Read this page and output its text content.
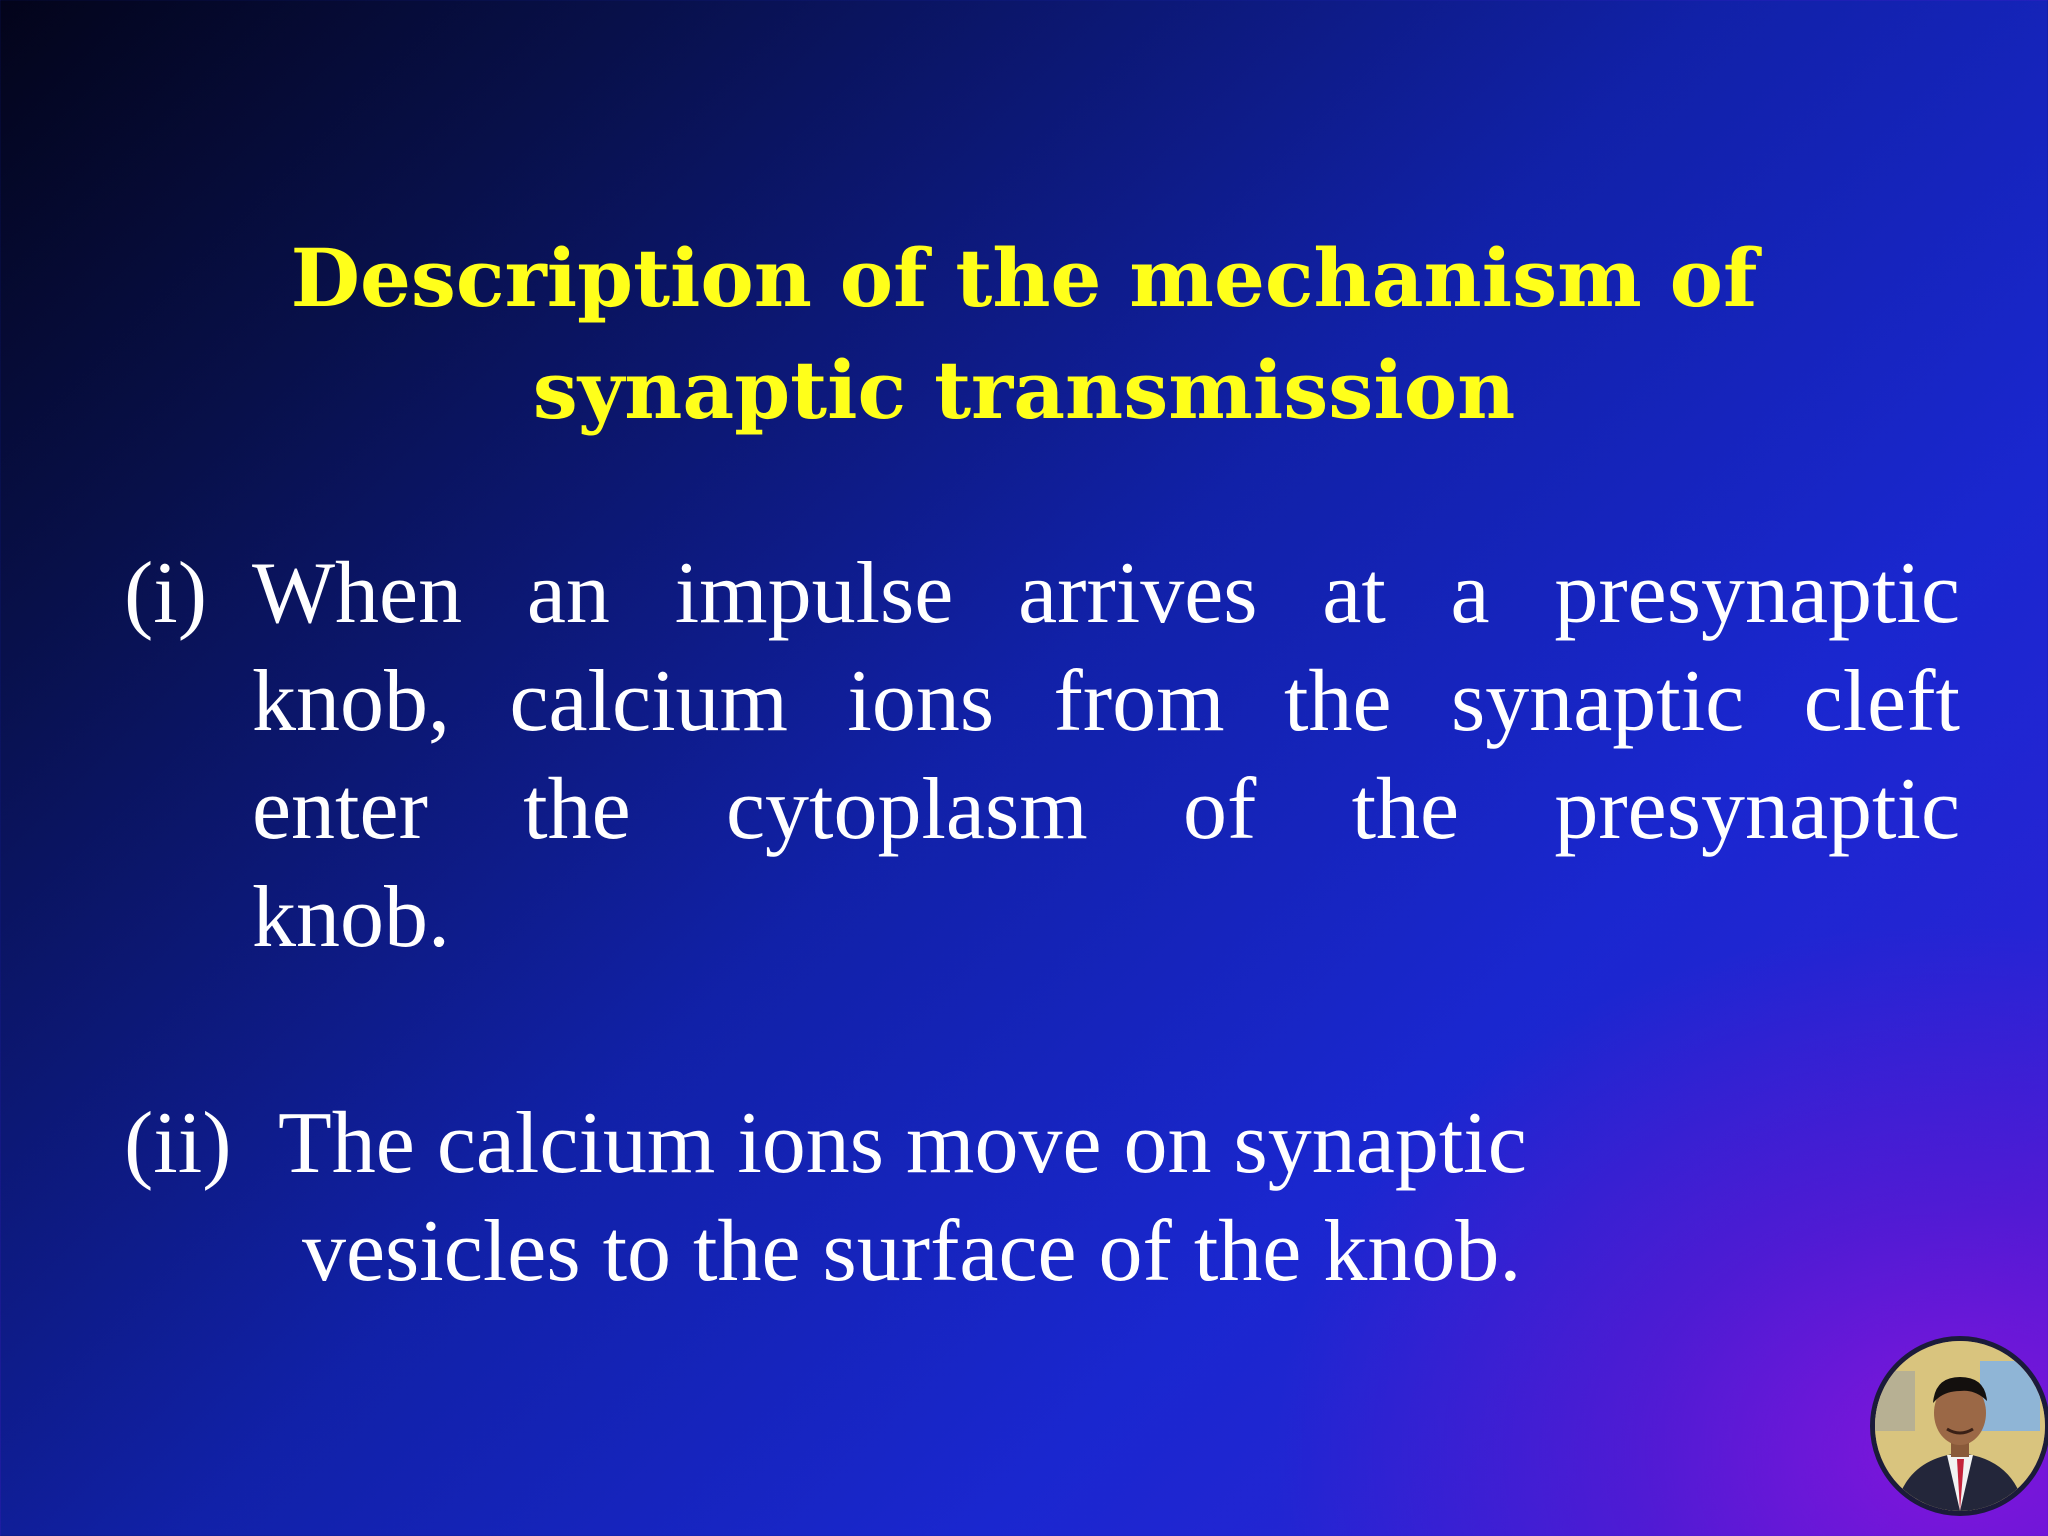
Description of the mechanism of
synaptic transmission
(i) When an impulse arrives at a presynaptic
knob, calcium ions from the synaptic cleft
enter the cytoplasm of the presynaptic
knob.
(ii) The calcium ions move on synaptic
vesicles to the surface of the knob.
